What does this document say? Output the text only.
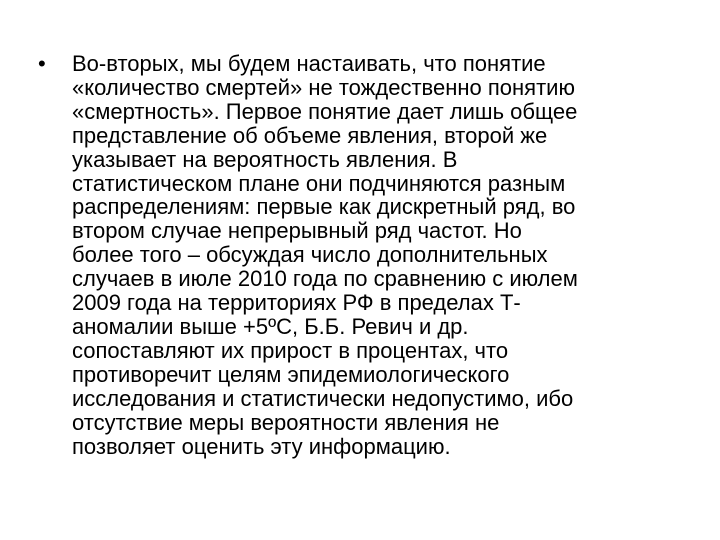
• Во-вторых, мы будем настаивать, что понятие
«количество смертей» не тождественно понятию
«смертность». Первое понятие дает лишь общее
представление об объеме явления, второй же
указывает на вероятность явления. В
статистическом плане они подчиняются разным
распределениям: первые как дискретный ряд, во
втором случае непрерывный ряд частот. Но
более того – обсуждая число дополнительных
случаев в июле 2010 года по сравнению с июлем
2009 года на территориях РФ в пределах Т-
аномалии выше +5ºС, Б.Б. Ревич и др.
сопоставляют их прирост в процентах, что
противоречит целям эпидемиологического
исследования и статистически недопустимо, ибо
отсутствие меры вероятности явления не
позволяет оценить эту информацию.
